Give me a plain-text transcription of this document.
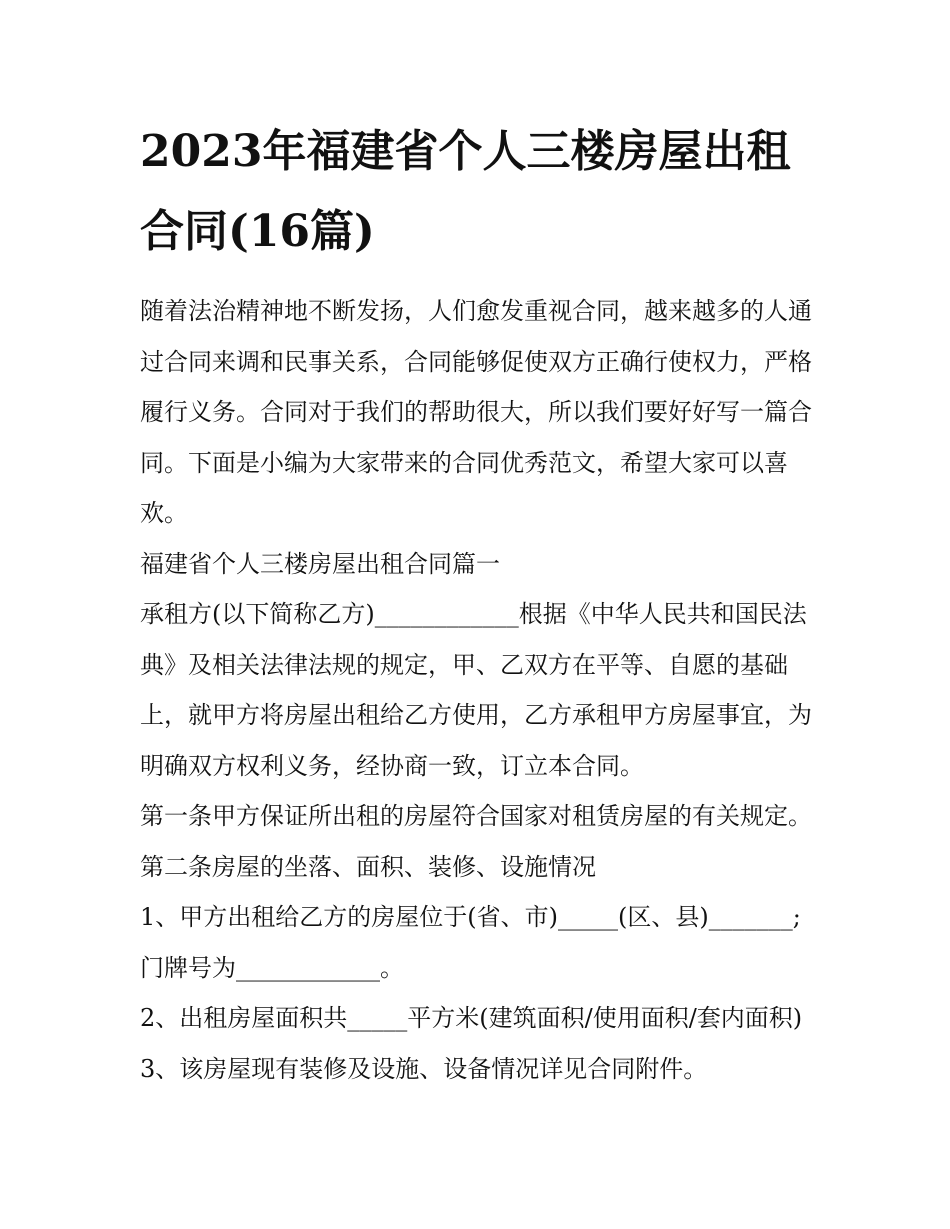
2023年福建省个人三楼房屋出租合同(16篇)

随着法治精神地不断发扬，人们愈发重视合同，越来越多的人通过合同来调和民事关系，合同能够促使双方正确行使权力，严格履行义务。合同对于我们的帮助很大，所以我们要好好写一篇合同。下面是小编为大家带来的合同优秀范文，希望大家可以喜欢。

福建省个人三楼房屋出租合同篇一

承租方(以下简称乙方)____________根据《中华人民共和国民法典》及相关法律法规的规定，甲、乙双方在平等、自愿的基础上，就甲方将房屋出租给乙方使用，乙方承租甲方房屋事宜，为明确双方权利义务，经协商一致，订立本合同。

第一条甲方保证所出租的房屋符合国家对租赁房屋的有关规定。 第二条房屋的坐落、面积、装修、设施情况

1、甲方出租给乙方的房屋位于(省、市)_____(区、县)_______;门牌号为____________。

2、出租房屋面积共_____平方米(建筑面积/使用面积/套内面积)3、该房屋现有装修及设施、设备情况详见合同附件。
